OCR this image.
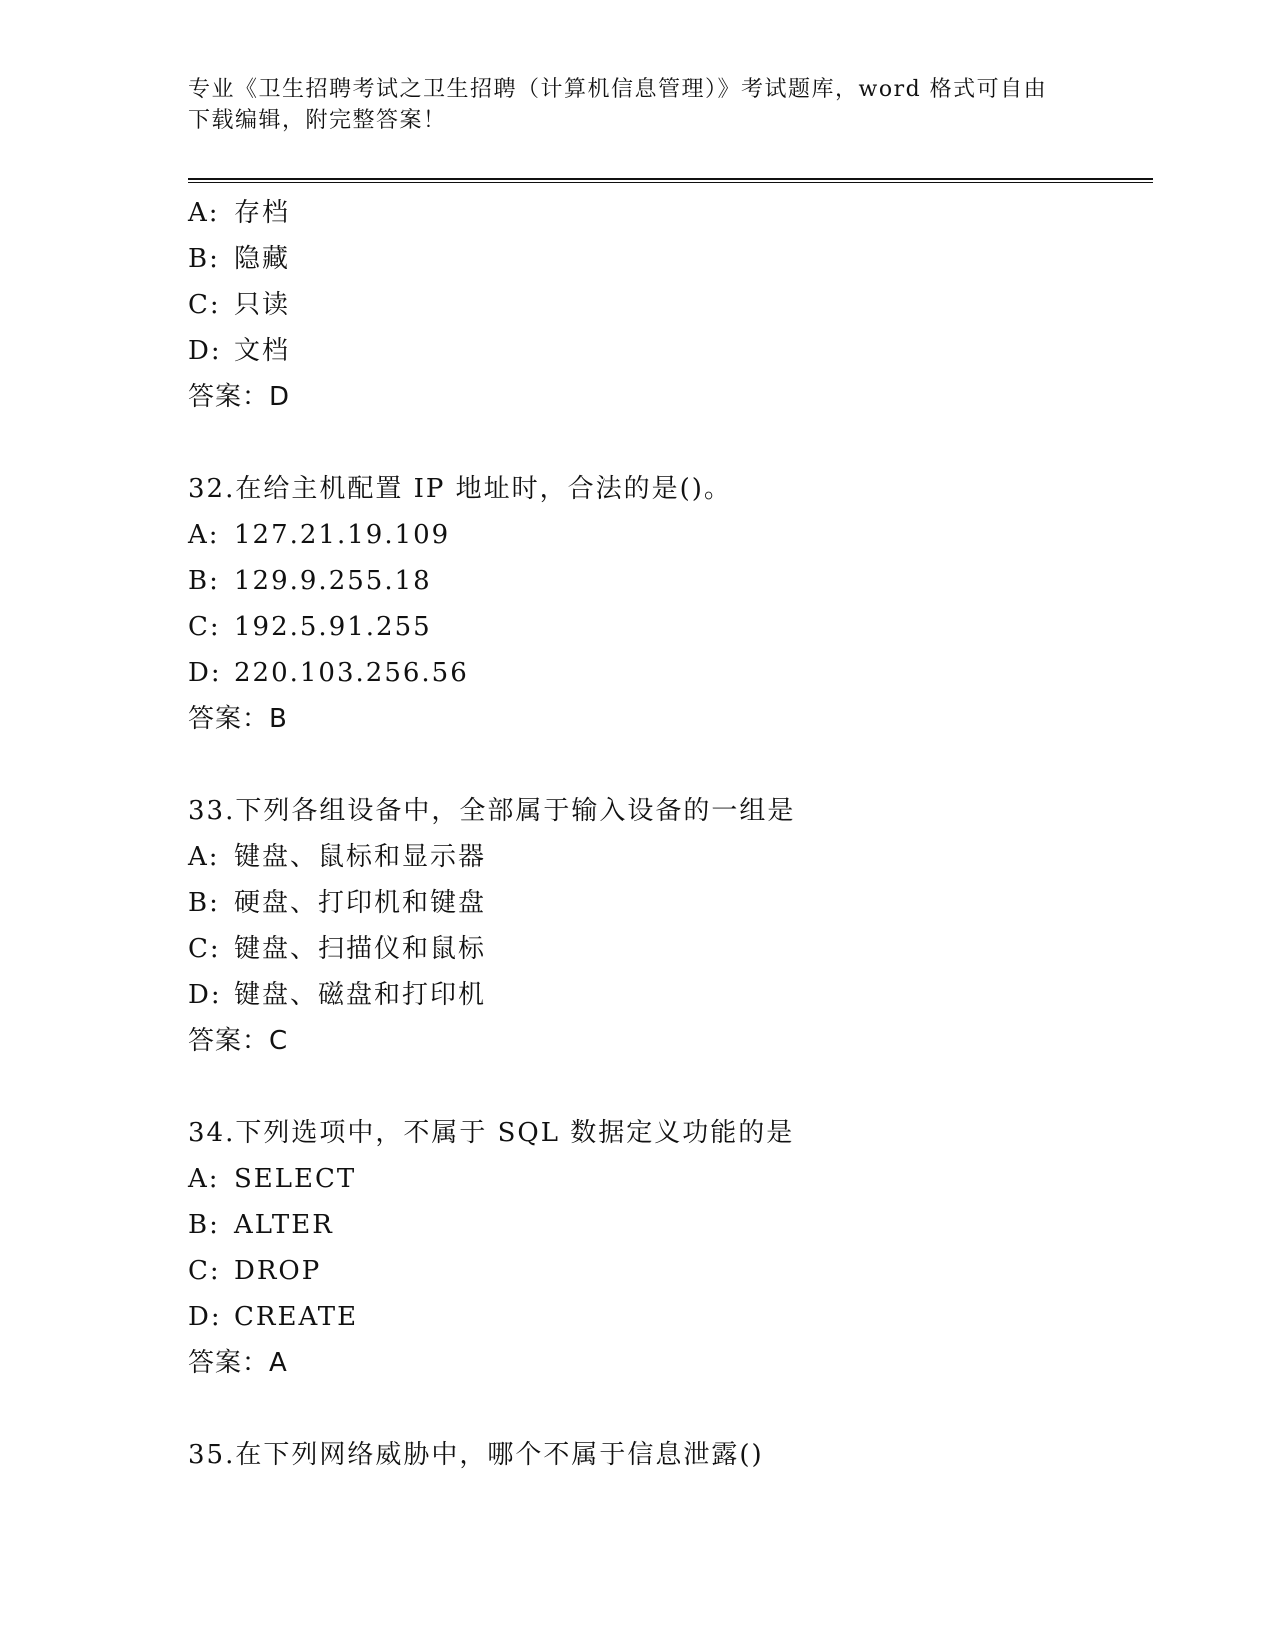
专业《卫生招聘考试之卫生招聘（计算机信息管理）》考试题库，word 格式可自由下载编辑，附完整答案！
A: 存档
B: 隐藏
C: 只读
D: 文档
答案：D
32.在给主机配置 IP 地址时，合法的是()。
A: 127.21.19.109
B: 129.9.255.18
C: 192.5.91.255
D: 220.103.256.56
答案：B
33.下列各组设备中，全部属于输入设备的一组是
A: 键盘、鼠标和显示器
B: 硬盘、打印机和键盘
C: 键盘、扫描仪和鼠标
D: 键盘、磁盘和打印机
答案：C
34.下列选项中，不属于 SQL 数据定义功能的是
A: SELECT
B: ALTER
C: DROP
D: CREATE
答案：A
35.在下列网络威胁中，哪个不属于信息泄露()
